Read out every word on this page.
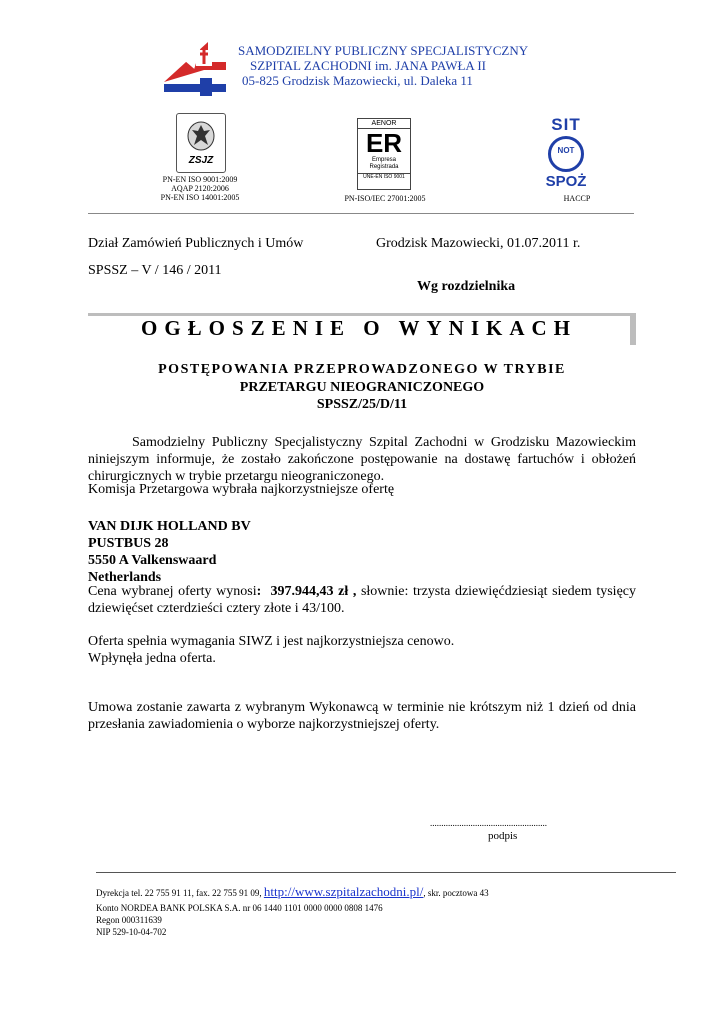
SAMODZIELNY PUBLICZNY SPECJALISTYCZNY
SZPITAL ZACHODNI im. JANA PAWŁA II
05-825 Grodzisk Mazowiecki, ul. Daleka 11
ZSJZ
PN-EN ISO 9001:2009
AQAP 2120:2006
PN-EN ISO 14001:2005
AENOR
ER
Empresa
Registrada
UNE-EN ISO 9001
PN-ISO/IEC 27001:2005
SIT
NOT
SPOŻ
HACCP
Dział Zamówień Publicznych i Umów	Grodzisk Mazowiecki, 01.07.2011 r.
SPSSZ – V / 146 / 2011
Wg rozdzielnika
OGŁOSZENIE O WYNIKACH
POSTĘPOWANIA PRZEPROWADZONEGO W TRYBIE
PRZETARGU NIEOGRANICZONEGO
SPSSZ/25/D/11
Samodzielny Publiczny Specjalistyczny Szpital Zachodni w Grodzisku Mazowieckim niniejszym informuje, że zostało zakończone postępowanie na dostawę fartuchów i obłożeń chirurgicznych w trybie przetargu nieograniczonego.
Komisja Przetargowa wybrała najkorzystniejsze ofertę
VAN DIJK HOLLAND BV
PUSTBUS 28
5550 A Valkenswaard
Netherlands
Cena wybranej oferty wynosi: 397.944,43 zł , słownie: trzysta dziewięćdziesiąt siedem tysięcy dziewięćset czterdzieści cztery złote i 43/100.
Oferta spełnia wymagania SIWZ i jest najkorzystniejsza cenowo.
Wpłynęła jedna oferta.
Umowa zostanie zawarta z wybranym Wykonawcą w terminie nie krótszym niż 1 dzień od dnia przesłania zawiadomienia o wyborze najkorzystniejszej oferty.
....................................................
podpis
Dyrekcja tel. 22 755 91 11, fax. 22 755 91 09, http://www.szpitalzachodni.pl/, skr. pocztowa 43
Konto NORDEA BANK POLSKA S.A. nr 06 1440 1101 0000 0000 0808 1476
Regon 000311639
NIP 529-10-04-702
